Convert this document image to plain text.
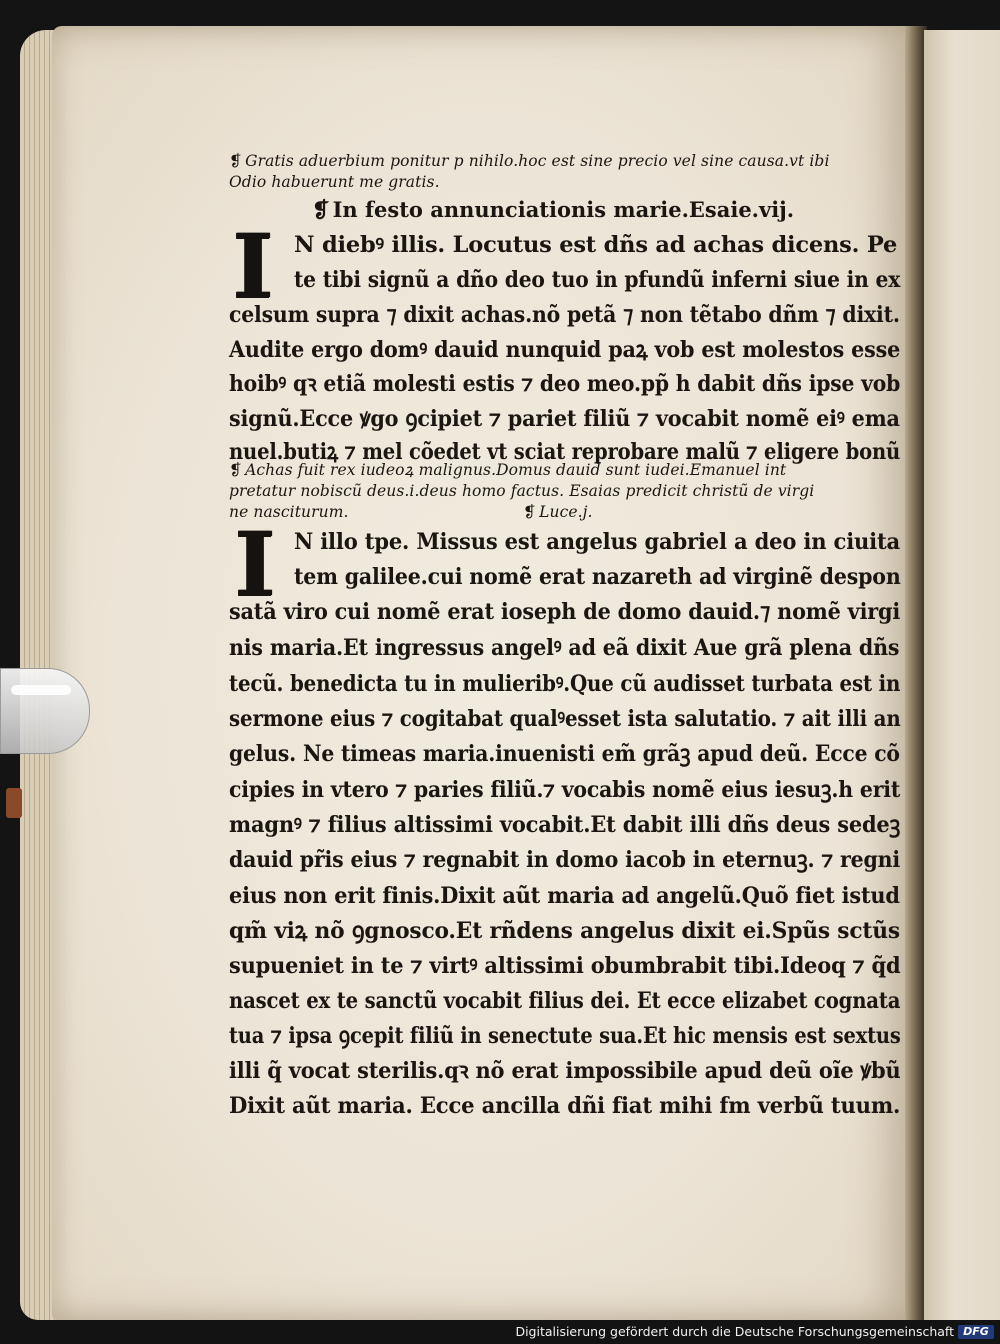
❡ Gratis aduerbium ponitur p nihilo.hoc est sine precio vel sine causa.vt ibi
Odio habuerunt me gratis.
❡ In festo annunciationis marie.Esaie.vij.
I N diebꝰ illis. Locutus est dñs ad achas dicens. Pe
te tibi signũ a dño deo tuo in pfundũ inferni siue in ex
celsum supra ⁊ dixit achas.nõ petã ⁊ non tẽtabo dñm ⁊ dixit.
Audite ergo domꝰ dauid nunquid paꝝ vob est molestos esse
hoibꝰ qꝛ etiã molesti estis ⁊ deo meo.pp̃ h dabit dñs ipse vob
signũ.Ecce ꝟgo ꝯcipiet ⁊ pariet filiũ ⁊ vocabit nomẽ eiꝰ ema
nuel.butiꝝ ⁊ mel cõedet vt sciat reprobare malũ ⁊ eligere bonũ
❡ Achas fuit rex iudeoꝝ malignus.Domus dauid sunt iudei.Emanuel int
pretatur nobiscũ deus.i.deus homo factus. Esaias predicit christũ de virgi
ne nasciturum.	❡ Luce.j.
I N illo tpe. Missus est angelus gabriel a deo in ciuita
tem galilee.cui nomẽ erat nazareth ad virginẽ despon
satã viro cui nomẽ erat ioseph de domo dauid.⁊ nomẽ virgi
nis maria.Et ingressus angelꝰ ad eã dixit Aue grã plena dñs
tecũ. benedicta tu in mulieribꝰ.Que cũ audisset turbata est in
sermone eius ⁊ cogitabat qualꝰesset ista salutatio. ⁊ ait illi an
gelus. Ne timeas maria.inuenisti em̃ grãꝫ apud deũ. Ecce cõ
cipies in vtero ⁊ paries filiũ.⁊ vocabis nomẽ eius iesuꝫ.h erit
magnꝰ ⁊ filius altissimi vocabit.Et dabit illi dñs deus sedeꝫ
dauid pr̃is eius ⁊ regnabit in domo iacob in eternuꝫ. ⁊ regni
eius non erit finis.Dixit aũt maria ad angelũ.Quõ fiet istud
qm̃ viꝝ nõ ꝯgnosco.Et rñdens angelus dixit ei.Spũs sctũs
supueniet in te ⁊ virtꝰ altissimi obumbrabit tibi.Ideoq ⁊ q̃d
nascet ex te sanctũ vocabit filius dei. Et ecce elizabet cognata
tua ⁊ ipsa ꝯcepit filiũ in senectute sua.Et hic mensis est sextus
illi q̃ vocat sterilis.qꝛ nõ erat impossibile apud deũ oĩe ꝟbũ
Dixit aũt maria. Ecce ancilla dñi fiat mihi fm verbũ tuum.
Digitalisierung gefördert durch die Deutsche Forschungsgemeinschaft DFG
